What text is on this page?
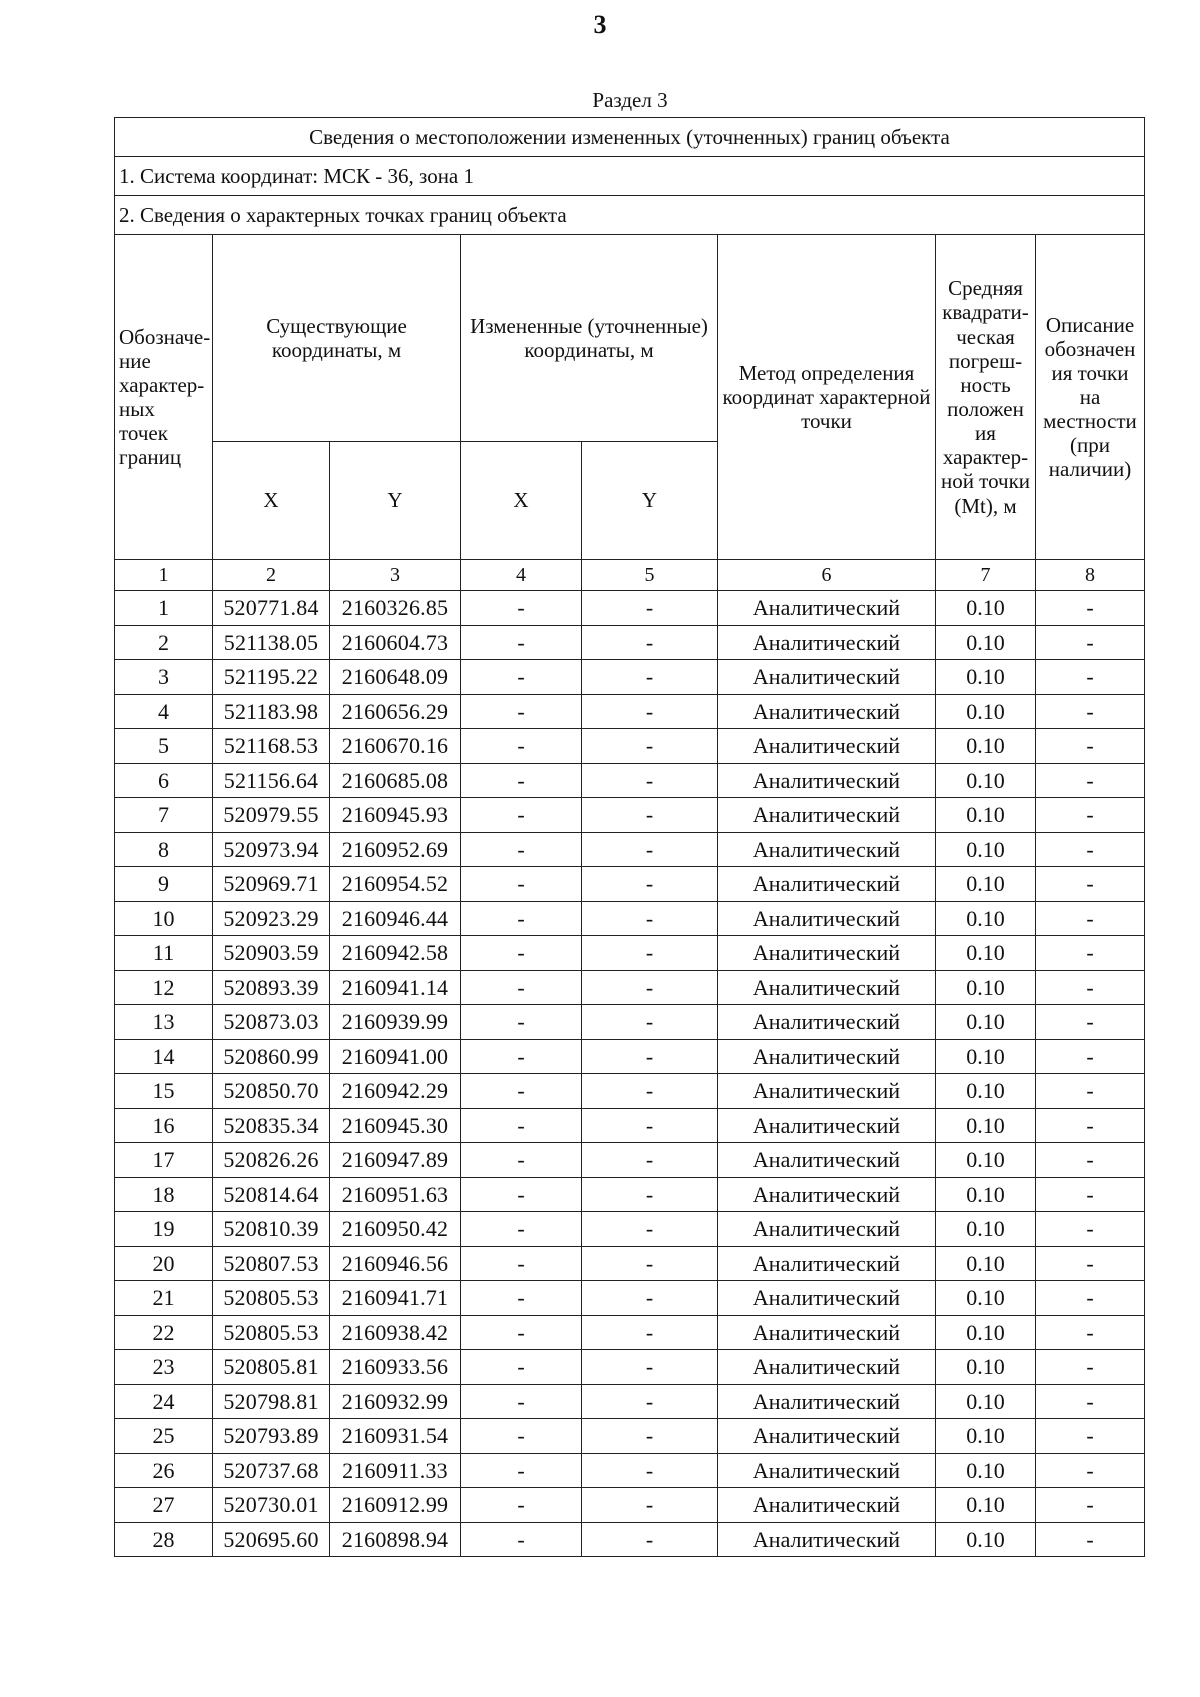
3
Раздел 3
Сведения о местоположении измененных (уточненных) границ объекта							
1. Система координат: МСК - 36, зона 1							
2. Сведения о характерных точках границ объекта							
Обозначе-ние характер-ных точек границ	Существующие координаты, м		Измененные (уточненные) координаты, м		Метод определения координат характерной точки	Средняя квадрати-ческая погреш-ность положен ия характер-ной точки (Mt), м	Описание обозначен ия точки на местности (при наличии)
	X	Y	X	Y			
1	2	3	4	5	6	7	8
1	520771.84	2160326.85	-	-	Аналитический	0.10	-
2	521138.05	2160604.73	-	-	Аналитический	0.10	-
3	521195.22	2160648.09	-	-	Аналитический	0.10	-
4	521183.98	2160656.29	-	-	Аналитический	0.10	-
5	521168.53	2160670.16	-	-	Аналитический	0.10	-
6	521156.64	2160685.08	-	-	Аналитический	0.10	-
7	520979.55	2160945.93	-	-	Аналитический	0.10	-
8	520973.94	2160952.69	-	-	Аналитический	0.10	-
9	520969.71	2160954.52	-	-	Аналитический	0.10	-
10	520923.29	2160946.44	-	-	Аналитический	0.10	-
11	520903.59	2160942.58	-	-	Аналитический	0.10	-
12	520893.39	2160941.14	-	-	Аналитический	0.10	-
13	520873.03	2160939.99	-	-	Аналитический	0.10	-
14	520860.99	2160941.00	-	-	Аналитический	0.10	-
15	520850.70	2160942.29	-	-	Аналитический	0.10	-
16	520835.34	2160945.30	-	-	Аналитический	0.10	-
17	520826.26	2160947.89	-	-	Аналитический	0.10	-
18	520814.64	2160951.63	-	-	Аналитический	0.10	-
19	520810.39	2160950.42	-	-	Аналитический	0.10	-
20	520807.53	2160946.56	-	-	Аналитический	0.10	-
21	520805.53	2160941.71	-	-	Аналитический	0.10	-
22	520805.53	2160938.42	-	-	Аналитический	0.10	-
23	520805.81	2160933.56	-	-	Аналитический	0.10	-
24	520798.81	2160932.99	-	-	Аналитический	0.10	-
25	520793.89	2160931.54	-	-	Аналитический	0.10	-
26	520737.68	2160911.33	-	-	Аналитический	0.10	-
27	520730.01	2160912.99	-	-	Аналитический	0.10	-
28	520695.60	2160898.94	-	-	Аналитический	0.10	-
